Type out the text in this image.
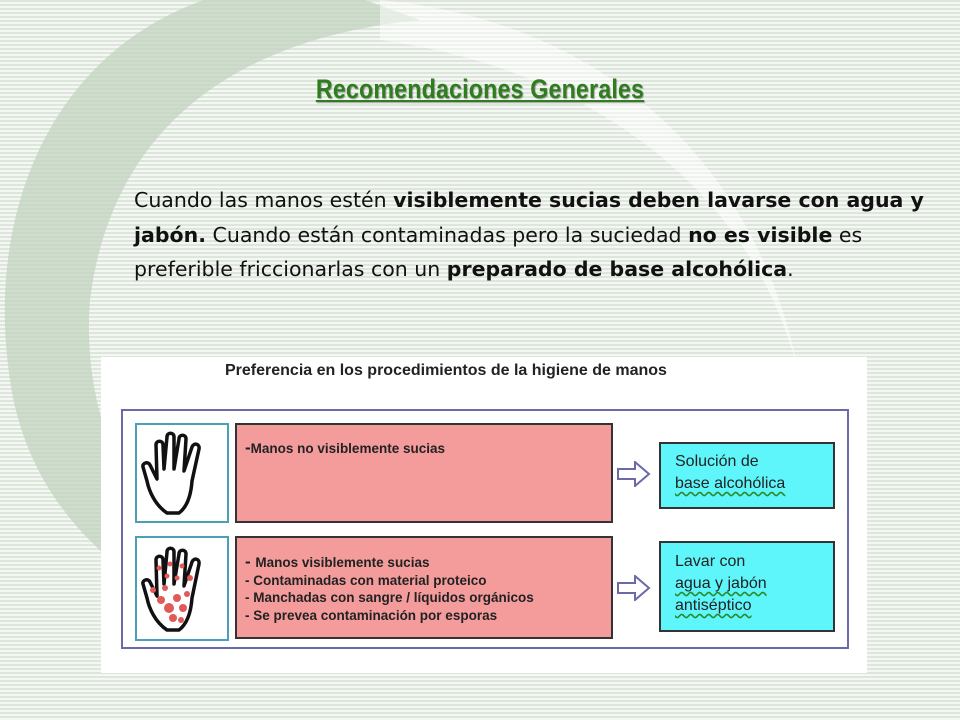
Recomendaciones Generales
Cuando las manos estén visiblemente sucias deben lavarse con agua y jabón. Cuando están contaminadas pero la suciedad no es visible es preferible friccionarlas con un preparado de base alcohólica.
Preferencia en los procedimientos de la higiene de manos
-Manos no visiblemente sucias
Solución de
base alcohólica
- Manos visiblemente sucias
- Contaminadas con material proteico
- Manchadas con sangre / líquidos orgánicos
- Se prevea contaminación por esporas
Lavar con
agua y jabón
antiséptico
